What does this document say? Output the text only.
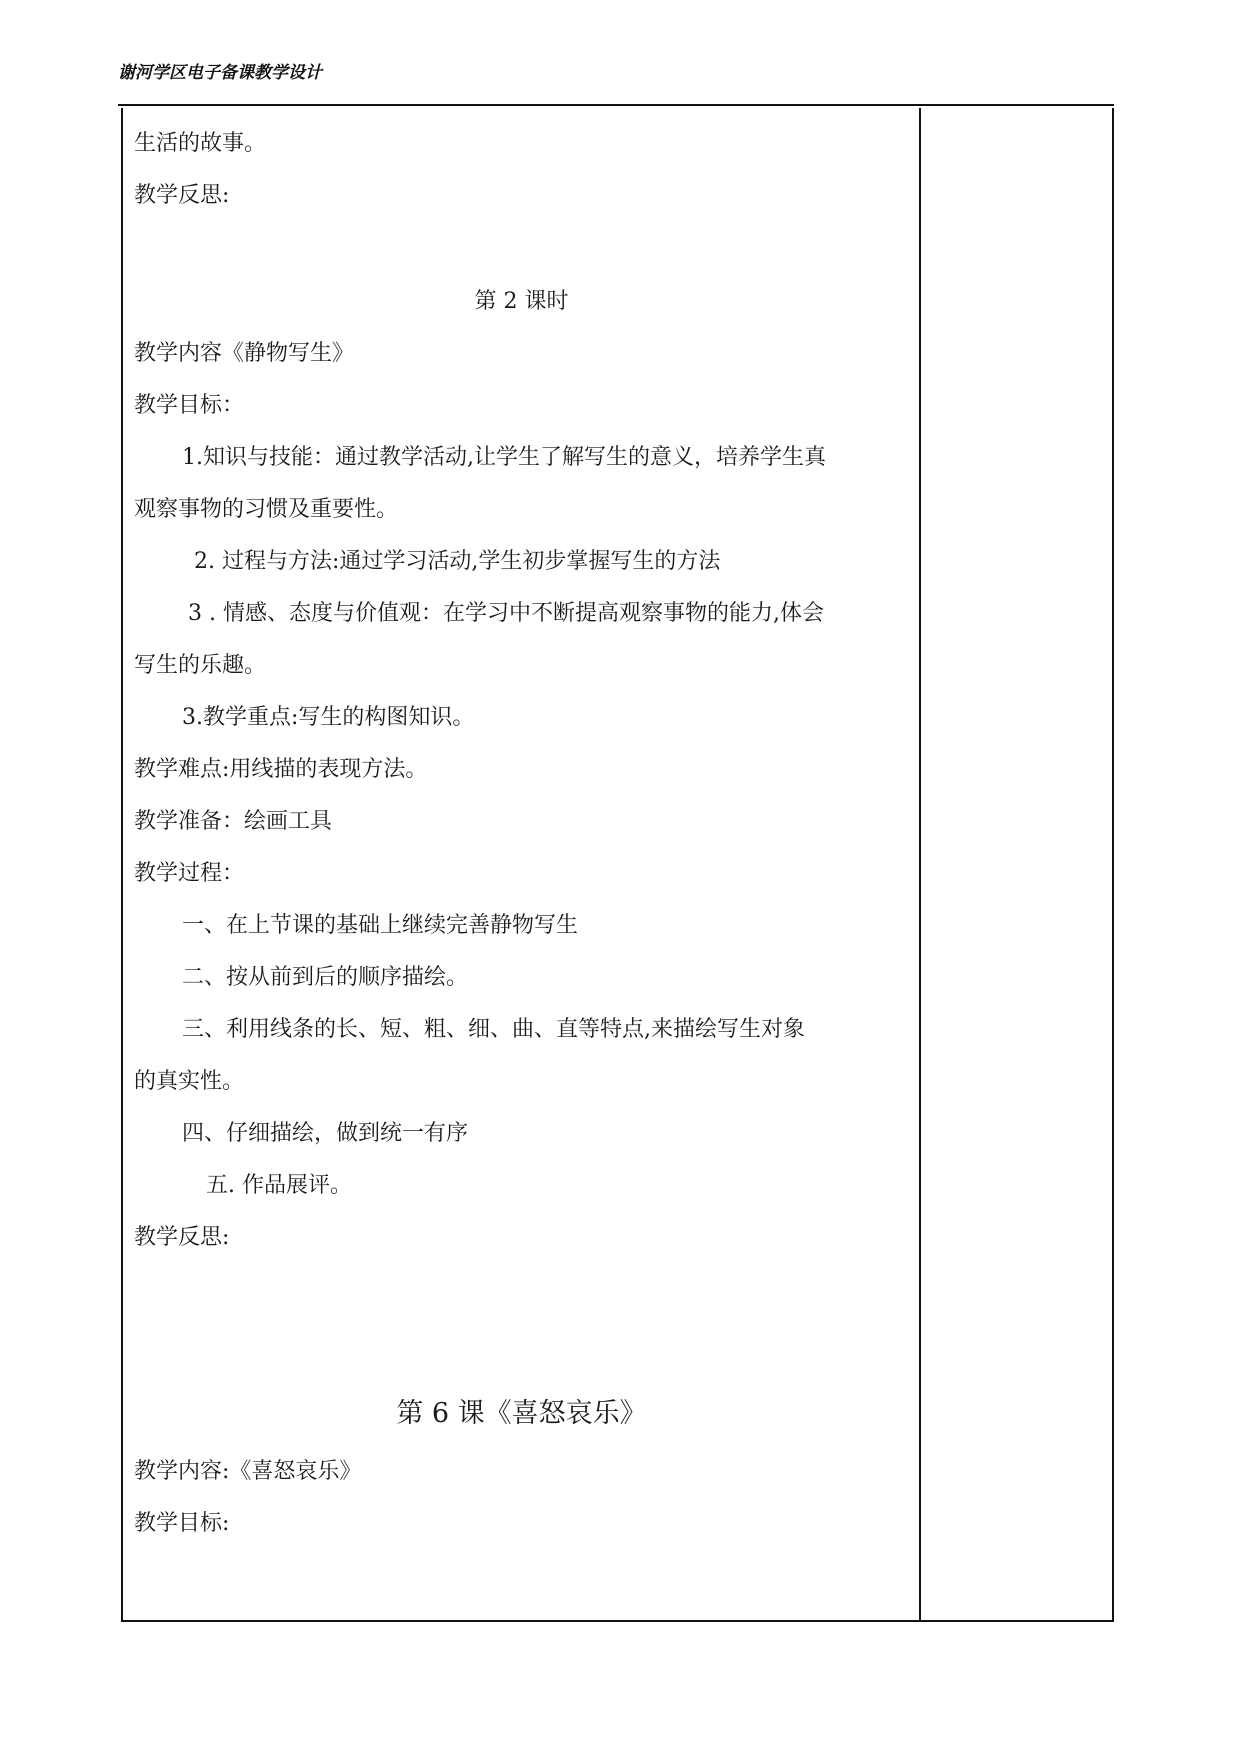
谢河学区电子备课教学设计
生活的故事。
教学反思:
第 2 课时
教学内容《静物写生》
教学目标：
1.知识与技能：通过教学活动,让学生了解写生的意义，培养学生真
观察事物的习惯及重要性。
2. 过程与方法:通过学习活动,学生初步掌握写生的方法
3 . 情感、态度与价值观：在学习中不断提高观察事物的能力,体会
写生的乐趣。
3.教学重点:写生的构图知识。
教学难点:用线描的表现方法。
教学准备：绘画工具
教学过程：
一、在上节课的基础上继续完善静物写生
二、按从前到后的顺序描绘。
三、利用线条的长、短、粗、细、曲、直等特点,来描绘写生对象
的真实性。
四、仔细描绘，做到统一有序
五. 作品展评。
教学反思:
第 6 课《喜怒哀乐》
教学内容:《喜怒哀乐》
教学目标:
